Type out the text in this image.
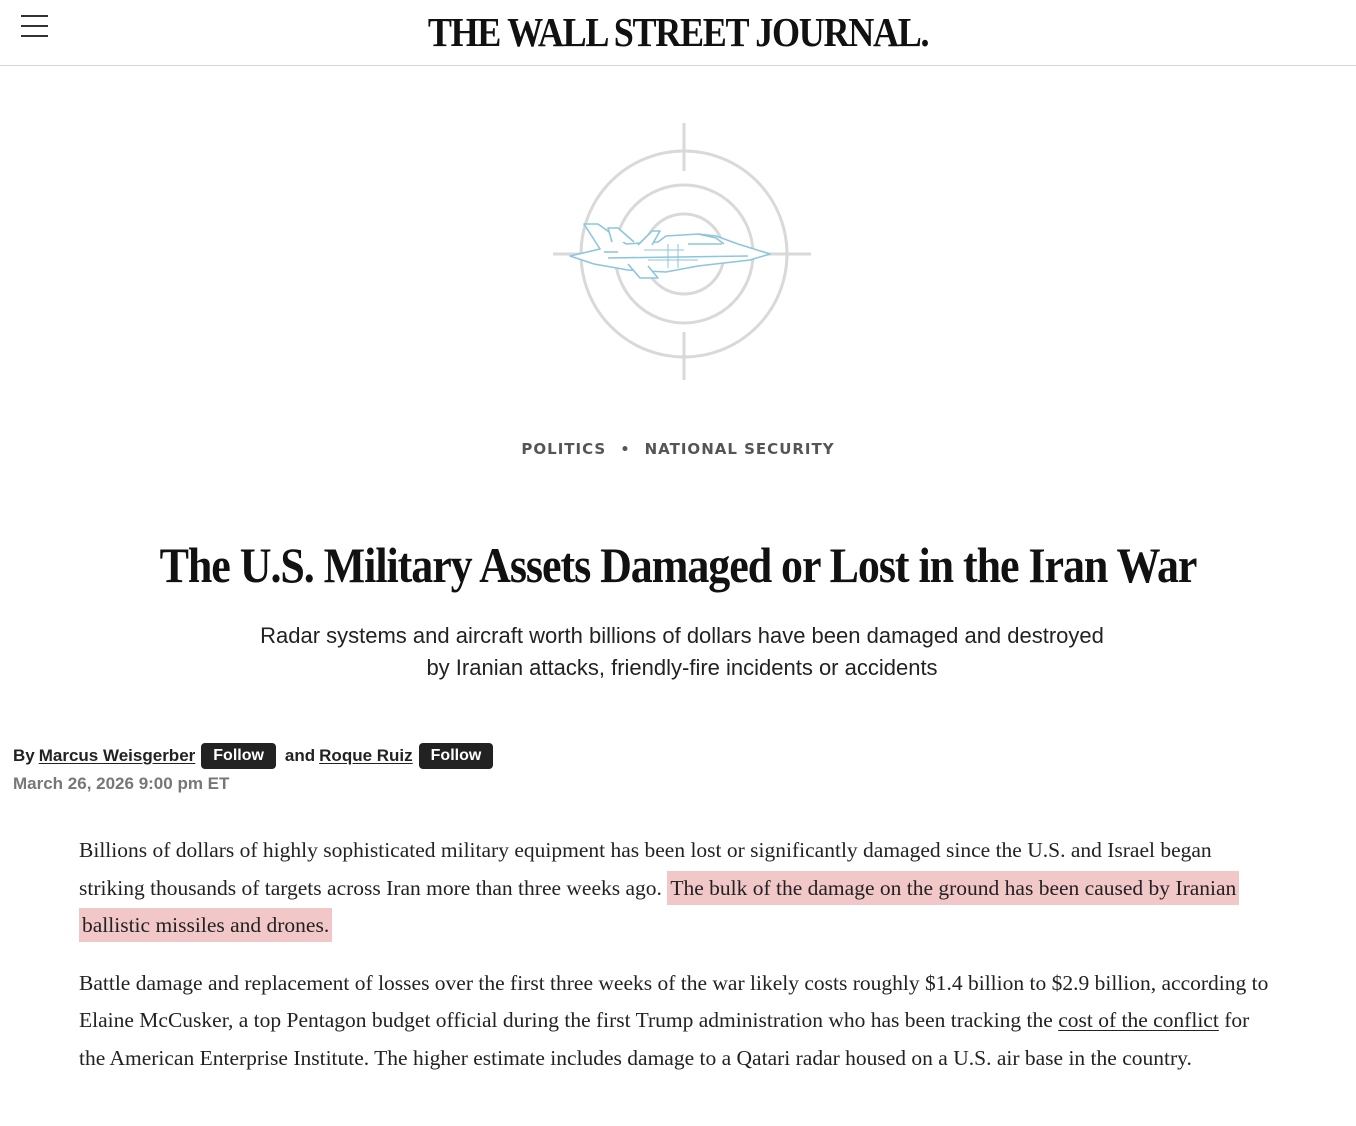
THE WALL STREET JOURNAL.
POLITICS • NATIONAL SECURITY
The U.S. Military Assets Damaged or Lost in the Iran War

Radar systems and aircraft worth billions of dollars have been damaged and destroyed by Iranian attacks, friendly-fire incidents or accidents

By Marcus Weisgerber	Follow	and Roque Ruiz	Follow
March 26, 2026 9:00 pm ET

Billions of dollars of highly sophisticated military equipment has been lost or significantly damaged since the U.S. and Israel began striking thousands of targets across Iran more than three weeks ago. The bulk of the damage on the ground has been caused by Iranian ballistic missiles and drones.

Battle damage and replacement of losses over the first three weeks of the war likely costs roughly $1.4 billion to $2.9 billion, according to Elaine McCusker, a top Pentagon budget official during the first Trump administration who has been tracking the cost of the conflict for the American Enterprise Institute. The higher estimate includes damage to a Qatari radar housed on a U.S. air base in the country.
